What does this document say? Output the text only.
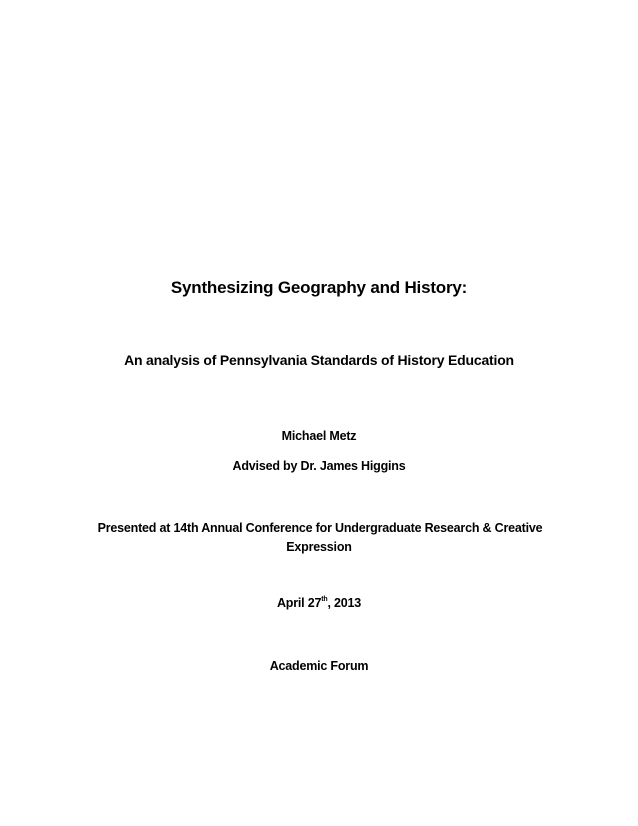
Synthesizing Geography and History:
An analysis of Pennsylvania Standards of History Education
Michael Metz
Advised by Dr. James Higgins
Presented at 14th Annual Conference for Undergraduate Research & Creative
Expression
April 27th, 2013
Academic Forum
